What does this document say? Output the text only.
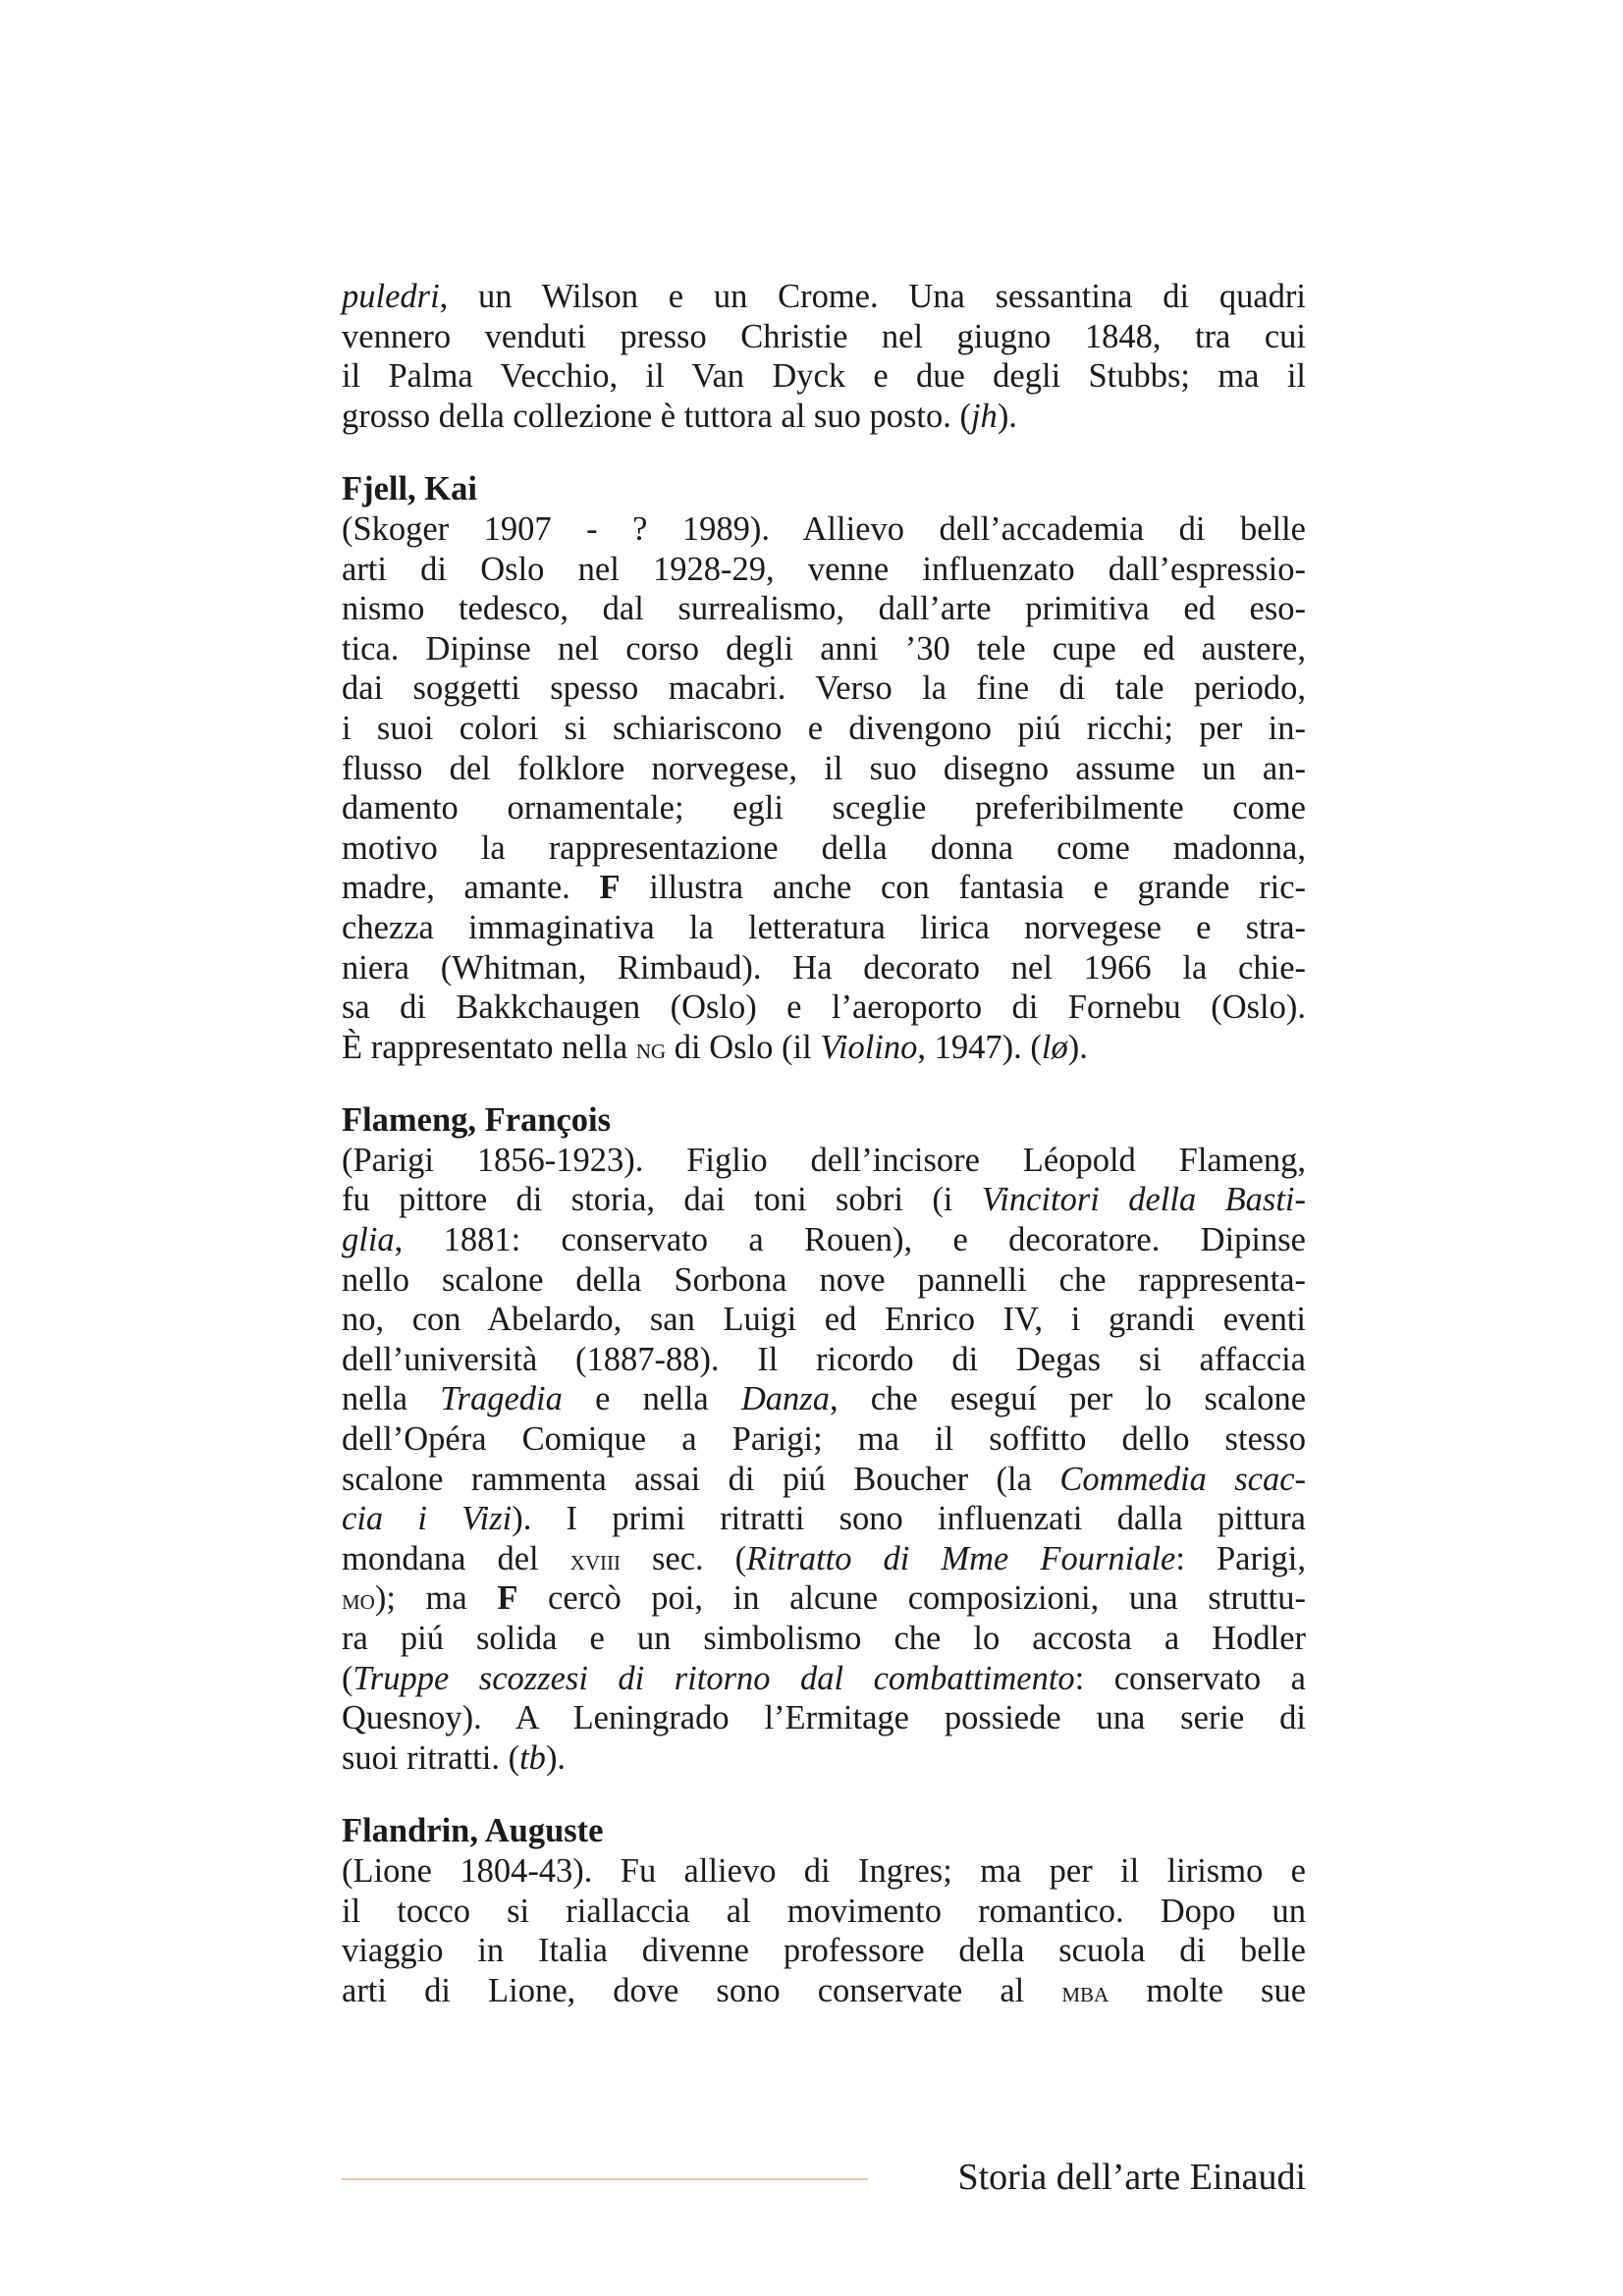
puledri, un Wilson e un Crome. Una sessantina di quadri
vennero venduti presso Christie nel giugno 1848, tra cui
il Palma Vecchio, il Van Dyck e due degli Stubbs; ma il
grosso della collezione è tuttora al suo posto. (jh).
Fjell, Kai
(Skoger 1907 - ? 1989). Allievo dell’accademia di belle
arti di Oslo nel 1928-29, venne influenzato dall’espressio-
nismo tedesco, dal surrealismo, dall’arte primitiva ed eso-
tica. Dipinse nel corso degli anni ’30 tele cupe ed austere,
dai soggetti spesso macabri. Verso la fine di tale periodo,
i suoi colori si schiariscono e divengono piú ricchi; per in-
flusso del folklore norvegese, il suo disegno assume un an-
damento ornamentale; egli sceglie preferibilmente come
motivo la rappresentazione della donna come madonna,
madre, amante. F illustra anche con fantasia e grande ric-
chezza immaginativa la letteratura lirica norvegese e stra-
niera (Whitman, Rimbaud). Ha decorato nel 1966 la chie-
sa di Bakkchaugen (Oslo) e l’aeroporto di Fornebu (Oslo).
È rappresentato nella ng di Oslo (il Violino, 1947). (lø).
Flameng, François
(Parigi 1856-1923). Figlio dell’incisore Léopold Flameng,
fu pittore di storia, dai toni sobri (i Vincitori della Basti-
glia, 1881: conservato a Rouen), e decoratore. Dipinse
nello scalone della Sorbona nove pannelli che rappresenta-
no, con Abelardo, san Luigi ed Enrico IV, i grandi eventi
dell’università (1887-88). Il ricordo di Degas si affaccia
nella Tragedia e nella Danza, che eseguí per lo scalone
dell’Opéra Comique a Parigi; ma il soffitto dello stesso
scalone rammenta assai di piú Boucher (la Commedia scac-
cia i Vizi). I primi ritratti sono influenzati dalla pittura
mondana del xviii sec. (Ritratto di Mme Fourniale: Parigi,
mo); ma F cercò poi, in alcune composizioni, una struttu-
ra piú solida e un simbolismo che lo accosta a Hodler
(Truppe scozzesi di ritorno dal combattimento: conservato a
Quesnoy). A Leningrado l’Ermitage possiede una serie di
suoi ritratti. (tb).
Flandrin, Auguste
(Lione 1804-43). Fu allievo di Ingres; ma per il lirismo e
il tocco si riallaccia al movimento romantico. Dopo un
viaggio in Italia divenne professore della scuola di belle
arti di Lione, dove sono conservate al mba molte sue
Storia dell’arte Einaudi
